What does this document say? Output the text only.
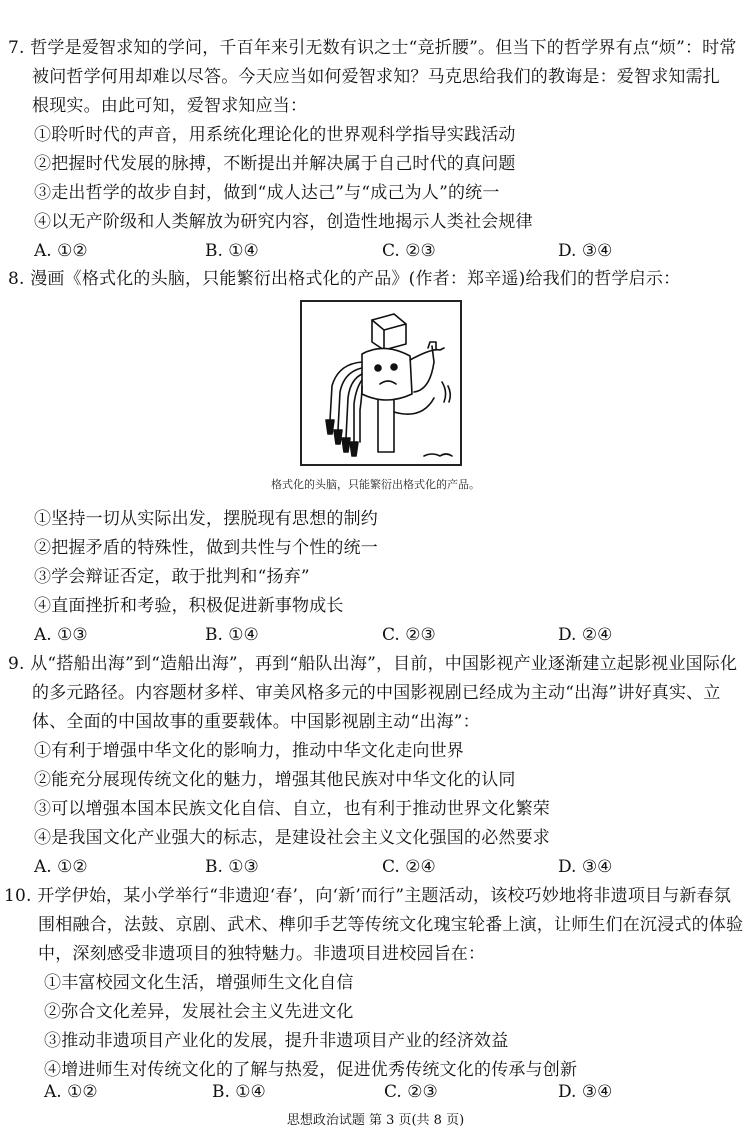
7. 哲学是爱智求知的学问，千百年来引无数有识之士“竞折腰”。但当下的哲学界有点“烦”：时常
被问哲学何用却难以尽答。今天应当如何爱智求知？马克思给我们的教诲是：爱智求知需扎
根现实。由此可知，爱智求知应当：
①聆听时代的声音，用系统化理论化的世界观科学指导实践活动
②把握时代发展的脉搏，不断提出并解决属于自己时代的真问题
③走出哲学的故步自封，做到“成人达己”与“成己为人”的统一
④以无产阶级和人类解放为研究内容，创造性地揭示人类社会规律
A. ①②	B. ①④	C. ②③	D. ③④
8. 漫画《格式化的头脑，只能繁衍出格式化的产品》(作者：郑辛遥)给我们的哲学启示：
格式化的头脑，只能繁衍出格式化的产品。
①坚持一切从实际出发，摆脱现有思想的制约
②把握矛盾的特殊性，做到共性与个性的统一
③学会辩证否定，敢于批判和“扬弃”
④直面挫折和考验，积极促进新事物成长
A. ①③	B. ①④	C. ②③	D. ②④
9. 从“搭船出海”到“造船出海”，再到“船队出海”，目前，中国影视产业逐渐建立起影视业国际化
的多元路径。内容题材多样、审美风格多元的中国影视剧已经成为主动“出海”讲好真实、立
体、全面的中国故事的重要载体。中国影视剧主动“出海”：
①有利于增强中华文化的影响力，推动中华文化走向世界
②能充分展现传统文化的魅力，增强其他民族对中华文化的认同
③可以增强本国本民族文化自信、自立，也有利于推动世界文化繁荣
④是我国文化产业强大的标志，是建设社会主义文化强国的必然要求
A. ①②	B. ①③	C. ②④	D. ③④
10. 开学伊始，某小学举行“非遗迎‘春’，向‘新’而行”主题活动，该校巧妙地将非遗项目与新春氛
围相融合，法鼓、京剧、武术、榫卯手艺等传统文化瑰宝轮番上演，让师生们在沉浸式的体验
中，深刻感受非遗项目的独特魅力。非遗项目进校园旨在：
①丰富校园文化生活，增强师生文化自信
②弥合文化差异，发展社会主义先进文化
③推动非遗项目产业化的发展，提升非遗项目产业的经济效益
④增进师生对传统文化的了解与热爱，促进优秀传统文化的传承与创新
A. ①②	B. ①④	C. ②③	D. ③④
思想政治试题 第 3 页(共 8 页)
